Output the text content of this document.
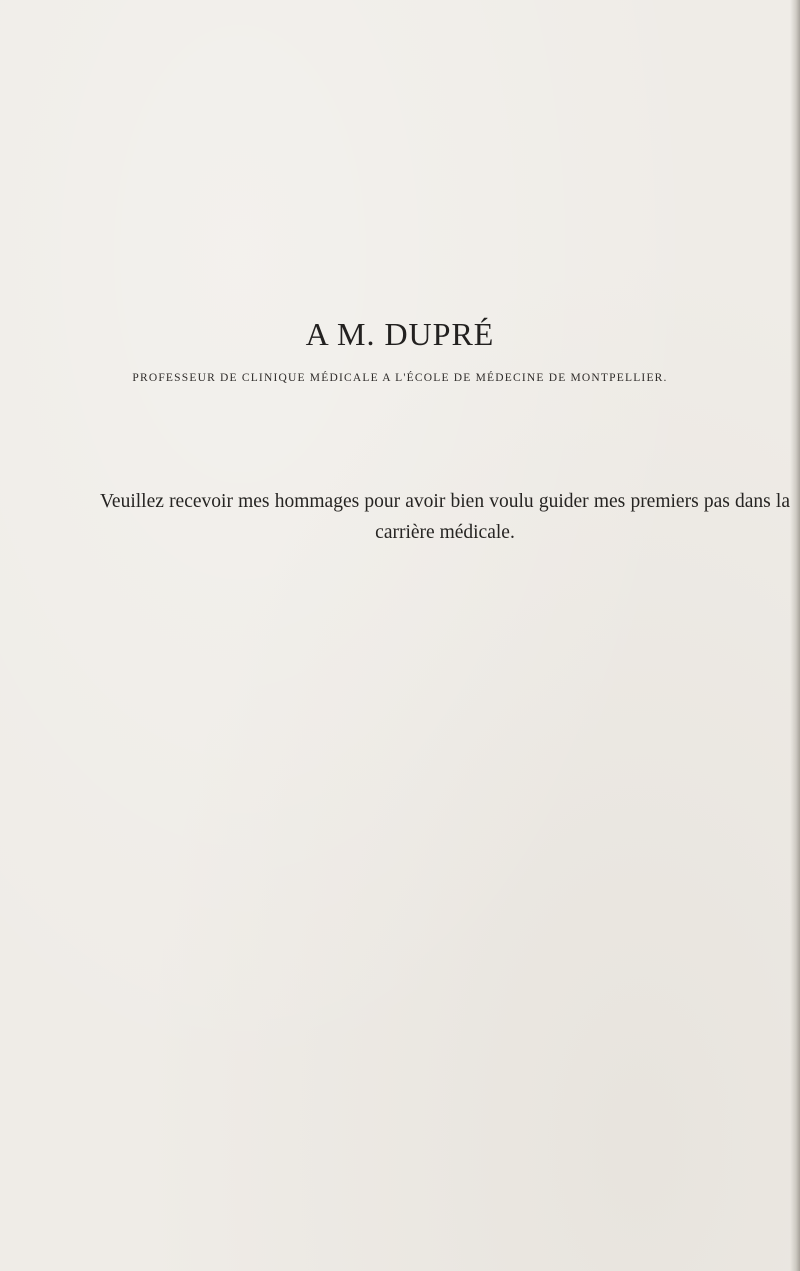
A M. DUPRÉ
PROFESSEUR DE CLINIQUE MÉDICALE A L'ÉCOLE DE MÉDECINE DE MONTPELLIER.
Veuillez recevoir mes hommages pour avoir bien voulu guider mes premiers pas dans la carrière médicale.
